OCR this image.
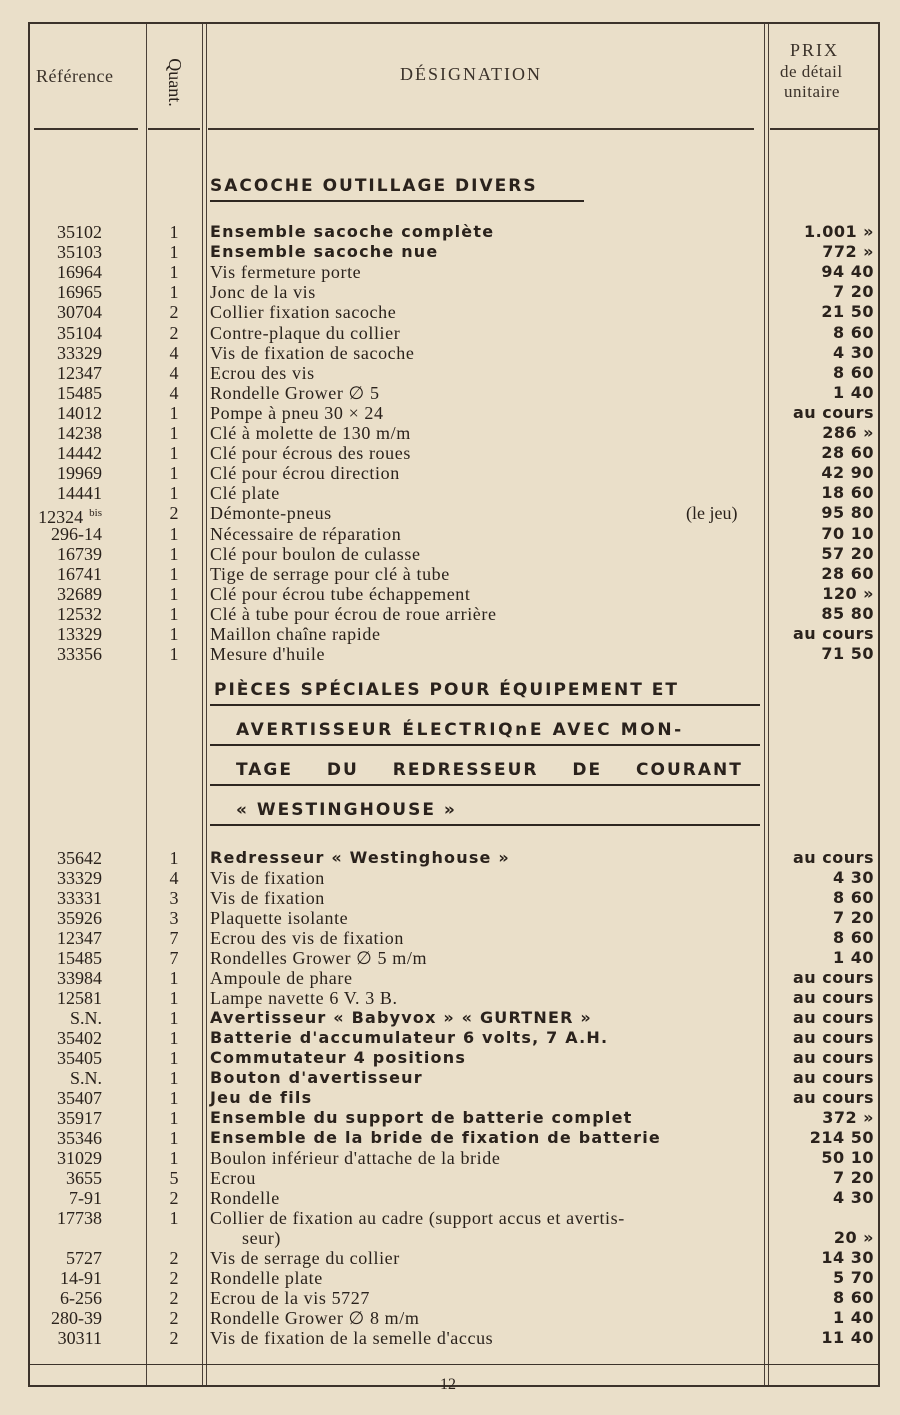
Référence	Quant.	DÉSIGNATION
PRIX
de détail
unitaire
SACOCHE OUTILLAGE DIVERS
35102	1	Ensemble sacoche complète	1.001 »
35103	1	Ensemble sacoche nue	772 »
16964	1	Vis fermeture porte	94 40
16965	1	Jonc de la vis	7 20
30704	2	Collier fixation sacoche	21 50
35104	2	Contre-plaque du collier	8 60
33329	4	Vis de fixation de sacoche	4 30
12347	4	Ecrou des vis	8 60
15485	4	Rondelle Grower ∅ 5	1 40
14012	1	Pompe à pneu 30 × 24	au cours
14238	1	Clé à molette de 130 m/m	286 »
14442	1	Clé pour écrous des roues	28 60
19969	1	Clé pour écrou direction	42 90
14441	1	Clé plate	18 60
12324 $^{bis}$	2	Démonte-pneus	(le jeu)	95 80
296-14	1	Nécessaire de réparation	70 10
16739	1	Clé pour boulon de culasse	57 20
16741	1	Tige de serrage pour clé à tube	28 60
32689	1	Clé pour écrou tube échappement	120 »
12532	1	Clé à tube pour écrou de roue arrière	85 80
13329	1	Maillon chaîne rapide	au cours
33356	1	Mesure d'huile	71 50
PIÈCES SPÉCIALES POUR ÉQUIPEMENT ET
AVERTISSEUR ÉLECTRIQnE AVEC MON-
TAGE DU REDRESSEUR DE COURANT
« WESTINGHOUSE »
35642	1	Redresseur « Westinghouse »	au cours
33329	4	Vis de fixation	4 30
33331	3	Vis de fixation	8 60
35926	3	Plaquette isolante	7 20
12347	7	Ecrou des vis de fixation	8 60
15485	7	Rondelles Grower ∅ 5 m/m	1 40
33984	1	Ampoule de phare	au cours
12581	1	Lampe navette 6 V. 3 B.	au cours
S.N.	1	Avertisseur « Babyvox » « GURTNER »	au cours
35402	1	Batterie d'accumulateur 6 volts, 7 A.H.	au cours
35405	1	Commutateur 4 positions	au cours
S.N.	1	Bouton d'avertisseur	au cours
35407	1	Jeu de fils	au cours
35917	1	Ensemble du support de batterie complet	372 »
35346	1	Ensemble de la bride de fixation de batterie	214 50
31029	1	Boulon inférieur d'attache de la bride	50 10
3655	5	Ecrou	7 20
7-91	2	Rondelle	4 30
17738	1	Collier de fixation au cadre (support accus et avertis-
seur)	20 »
5727	2	Vis de serrage du collier	14 30
14-91	2	Rondelle plate	5 70
6-256	2	Ecrou de la vis 5727	8 60
280-39	2	Rondelle Grower ∅ 8 m/m	1 40
30311	2	Vis de fixation de la semelle d'accus	11 40
12
